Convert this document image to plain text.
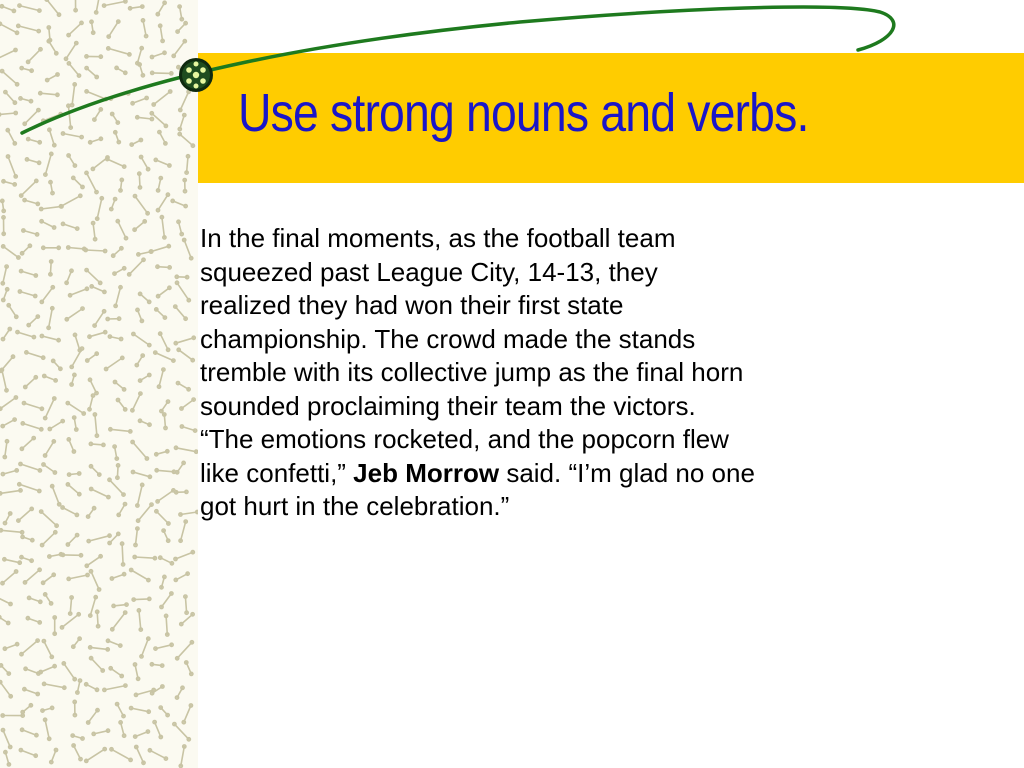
Use strong nouns and verbs.
In the final moments, as the football team
squeezed past League City, 14-13, they
realized they had won their first state
championship. The crowd made the stands
tremble with its collective jump as the final horn
sounded proclaiming their team the victors.
“The emotions rocketed, and the popcorn flew
like confetti,” Jeb Morrow said. “I’m glad no one
got hurt in the celebration.”
